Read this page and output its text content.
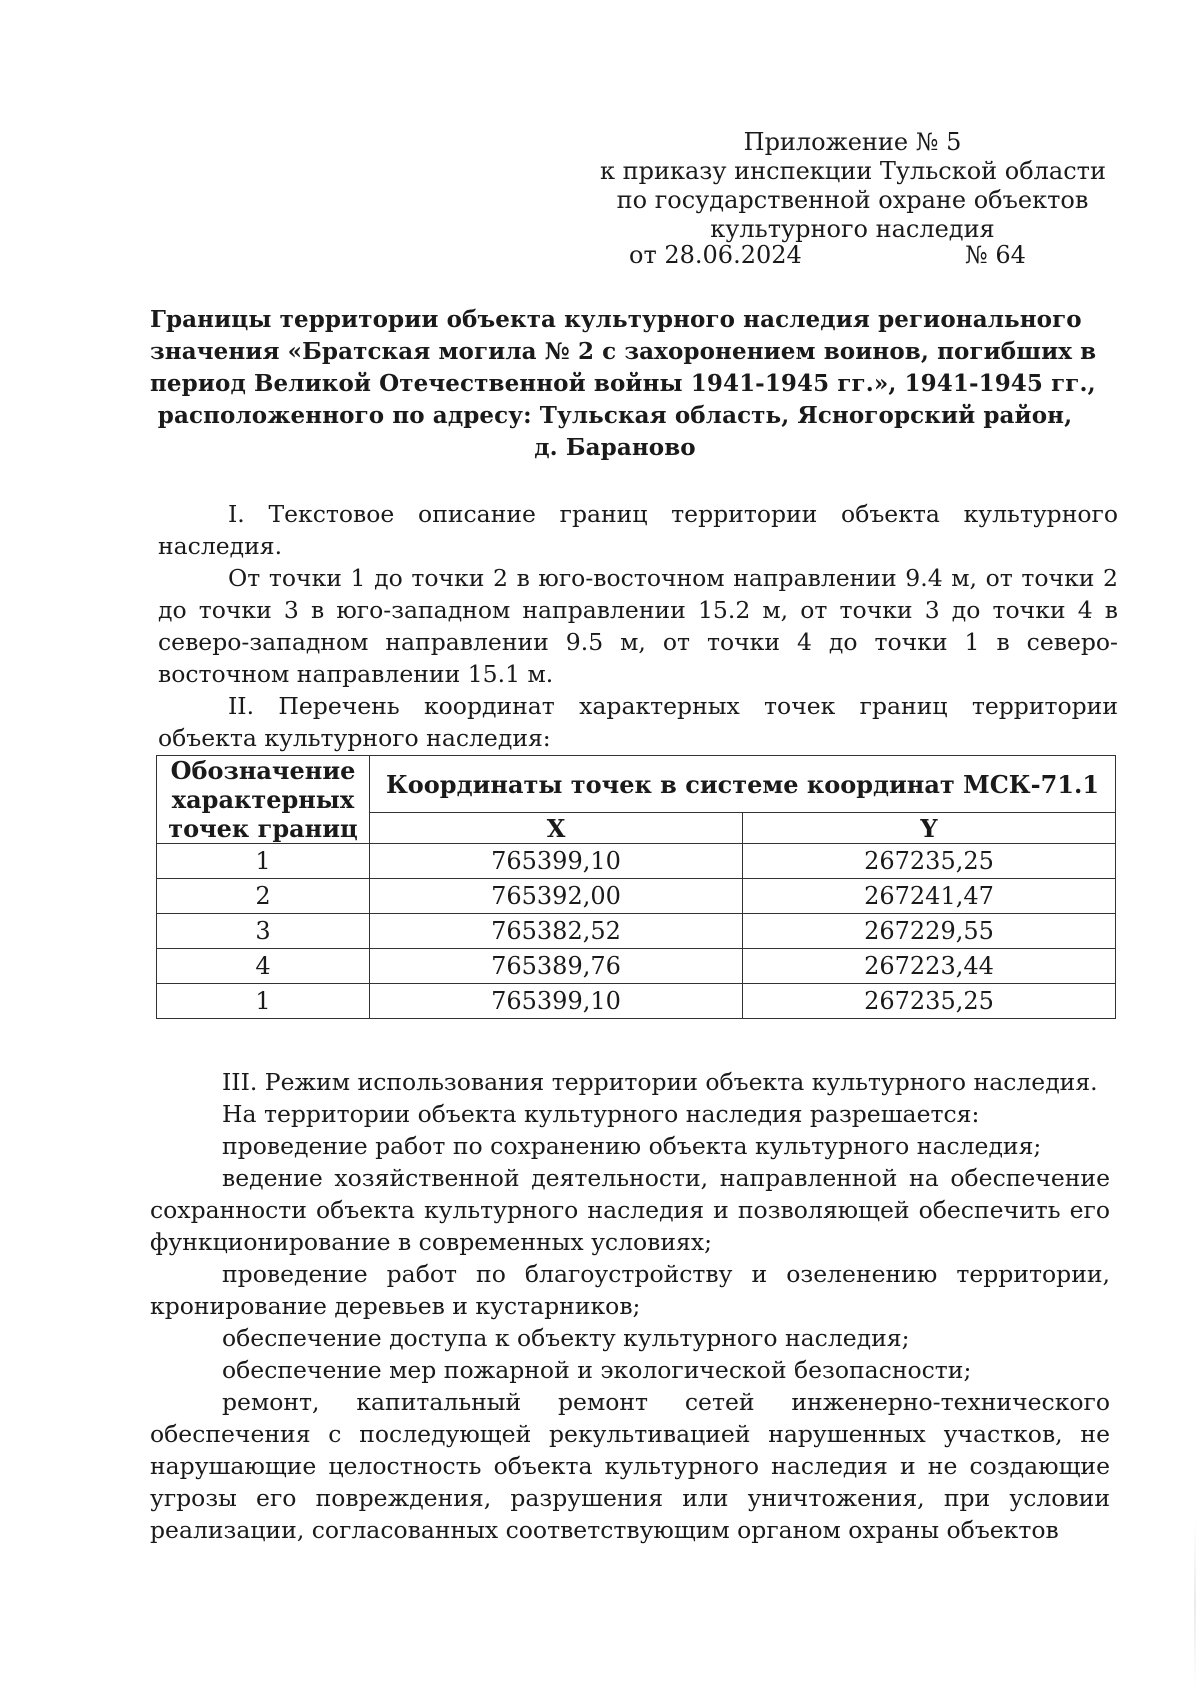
Приложение № 5
к приказу инспекции Тульской области
по государственной охране объектов
культурного наследия
от 28.06.2024	№ 64
Границы территории объекта культурного наследия регионального
значения «Братская могила № 2 с захоронением воинов, погибших в
период Великой Отечественной войны 1941-1945 гг.», 1941-1945 гг.,
расположенного по адресу: Тульская область, Ясногорский район,
д. Бараново

I. Текстовое описание границ территории объекта культурного наследия.

От точки 1 до точки 2 в юго-восточном направлении 9.4 м, от точки 2 до точки 3 в юго-западном направлении 15.2 м, от точки 3 до точки 4 в северо-западном направлении 9.5 м, от точки 4 до точки 1 в северо-восточном направлении 15.1 м.

II. Перечень координат характерных точек границ территории объекта культурного наследия:

Обозначение характерных точек границ	Координаты точек в системе координат МСК-71.1	
	X	Y
1	765399,10	267235,25
2	765392,00	267241,47
3	765382,52	267229,55
4	765389,76	267223,44
1	765399,10	267235,25

III. Режим использования территории объекта культурного наследия.

На территории объекта культурного наследия разрешается:

проведение работ по сохранению объекта культурного наследия;

ведение хозяйственной деятельности, направленной на обеспечение сохранности объекта культурного наследия и позволяющей обеспечить его функционирование в современных условиях;

проведение работ по благоустройству и озеленению территории, кронирование деревьев и кустарников;

обеспечение доступа к объекту культурного наследия;

обеспечение мер пожарной и экологической безопасности;

ремонт, капитальный ремонт сетей инженерно-технического обеспечения с последующей рекультивацией нарушенных участков, не нарушающие целостность объекта культурного наследия и не создающие угрозы его повреждения, разрушения или уничтожения, при условии реализации, согласованных соответствующим органом охраны объектов
